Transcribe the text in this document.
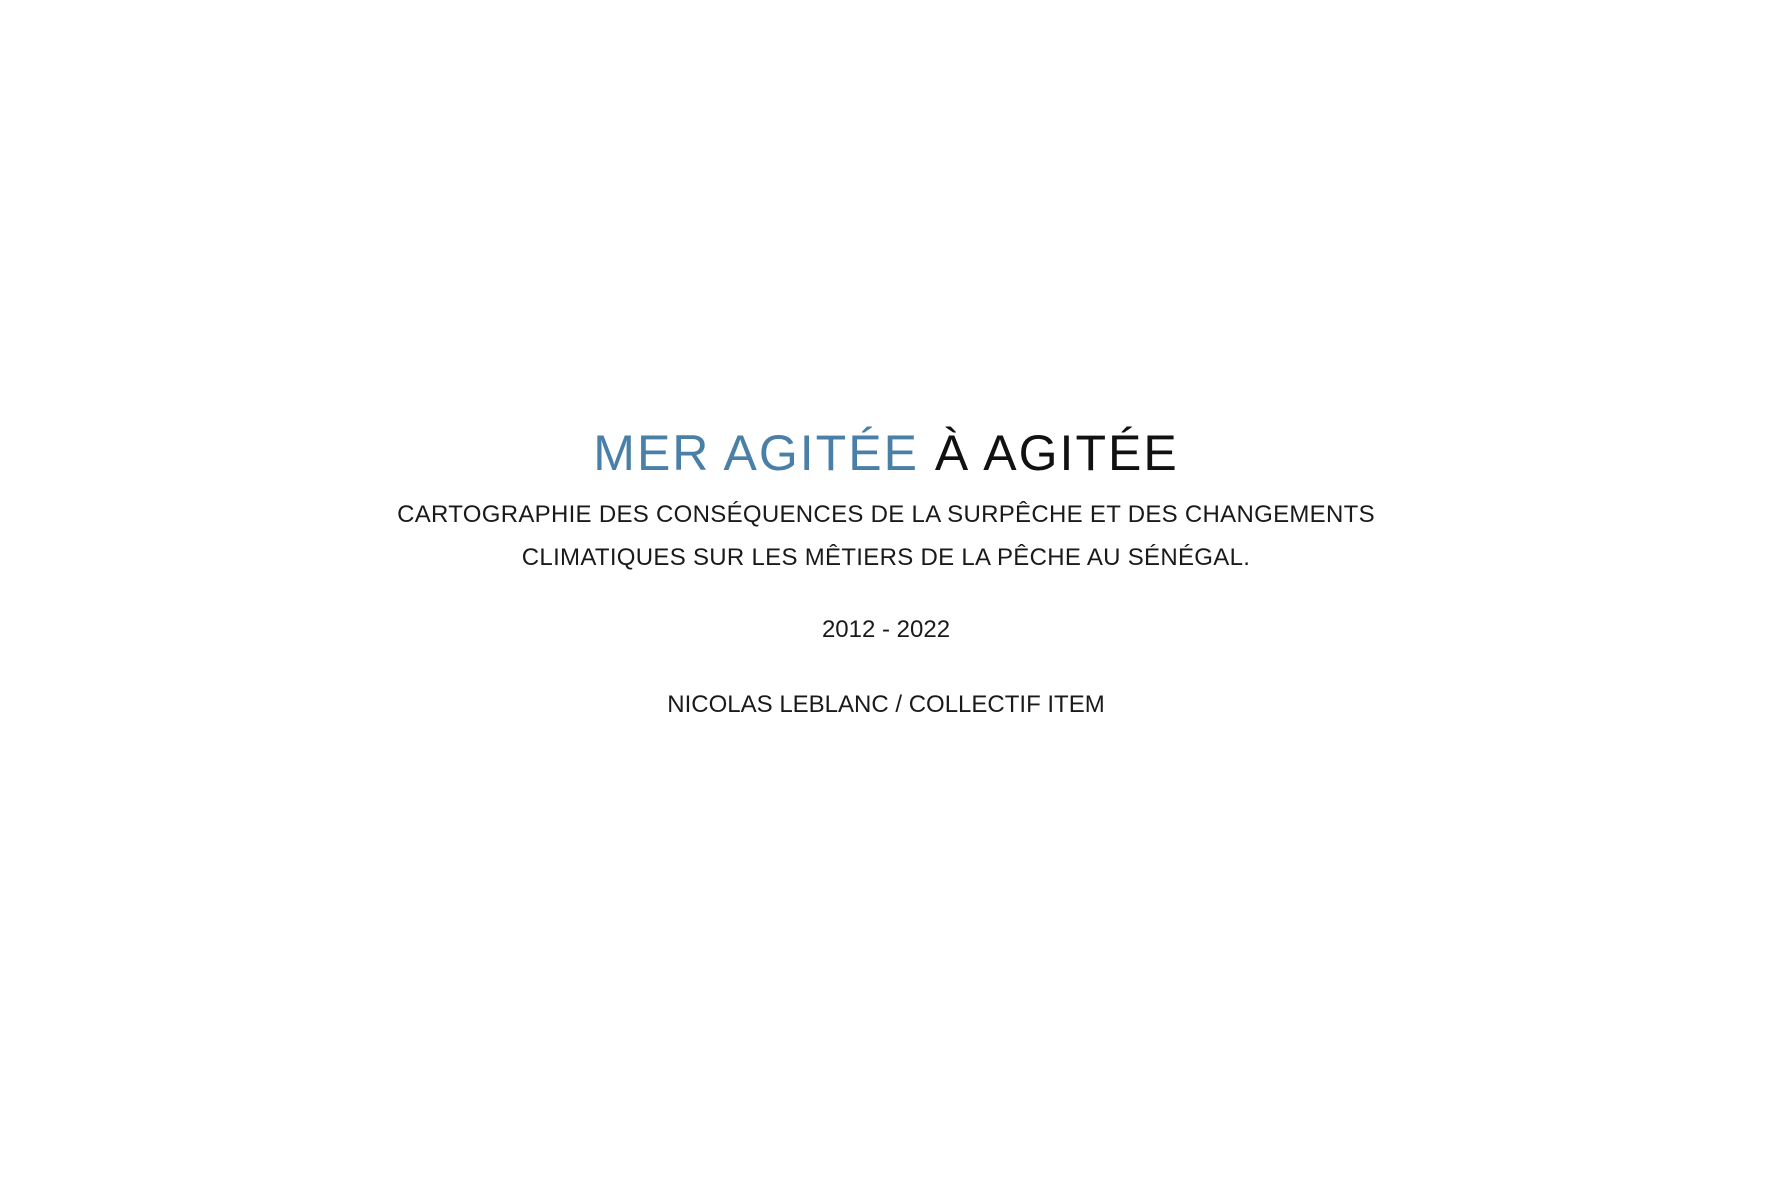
MER AGITÉE À AGITÉE
CARTOGRAPHIE DES CONSÉQUENCES DE LA SURPÊCHE ET DES CHANGEMENTS
CLIMATIQUES SUR LES MÊTIERS DE LA PÊCHE AU SÉNÉGAL.
2012 - 2022
NICOLAS LEBLANC / COLLECTIF ITEM
